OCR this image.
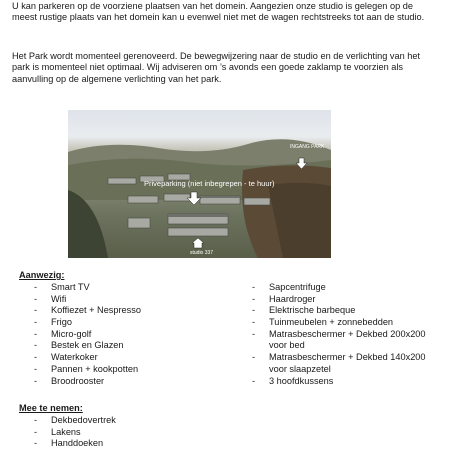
U kan parkeren op de voorziene plaatsen van het domein. Aangezien onze studio is gelegen op de meest rustige plaats van het domein kan u evenwel niet met de wagen rechtstreeks tot aan de studio.

Het Park wordt momenteel gerenoveerd. De bewegwijzering naar de studio en de verlichting van het park is momenteel niet optimaal. Wij adviseren om ’s avonds een goede zaklamp te voorzien als aanvulling op de algemene verlichting van het park.

INGANG PARK
Priveparking (niet inbegrepen - te huur)
studio 337

Aanwezig:

- Smart TV
- Wifi
- Koffiezet + Nespresso
- Frigo
- Micro-golf
- Bestek en Glazen
- Waterkoker
- Pannen + kookpotten
- Broodrooster
- Sapcentrifuge
- Haardroger
- Elektrische barbeque
- Tuinmeubelen + zonnebedden
- Matrasbeschermer + Dekbed 200x200
voor bed
- Matrasbeschermer + Dekbed 140x200
voor slaapzetel
- 3 hoofdkussens

Mee te nemen:

- Dekbedovertrek
- Lakens
- Handdoeken
